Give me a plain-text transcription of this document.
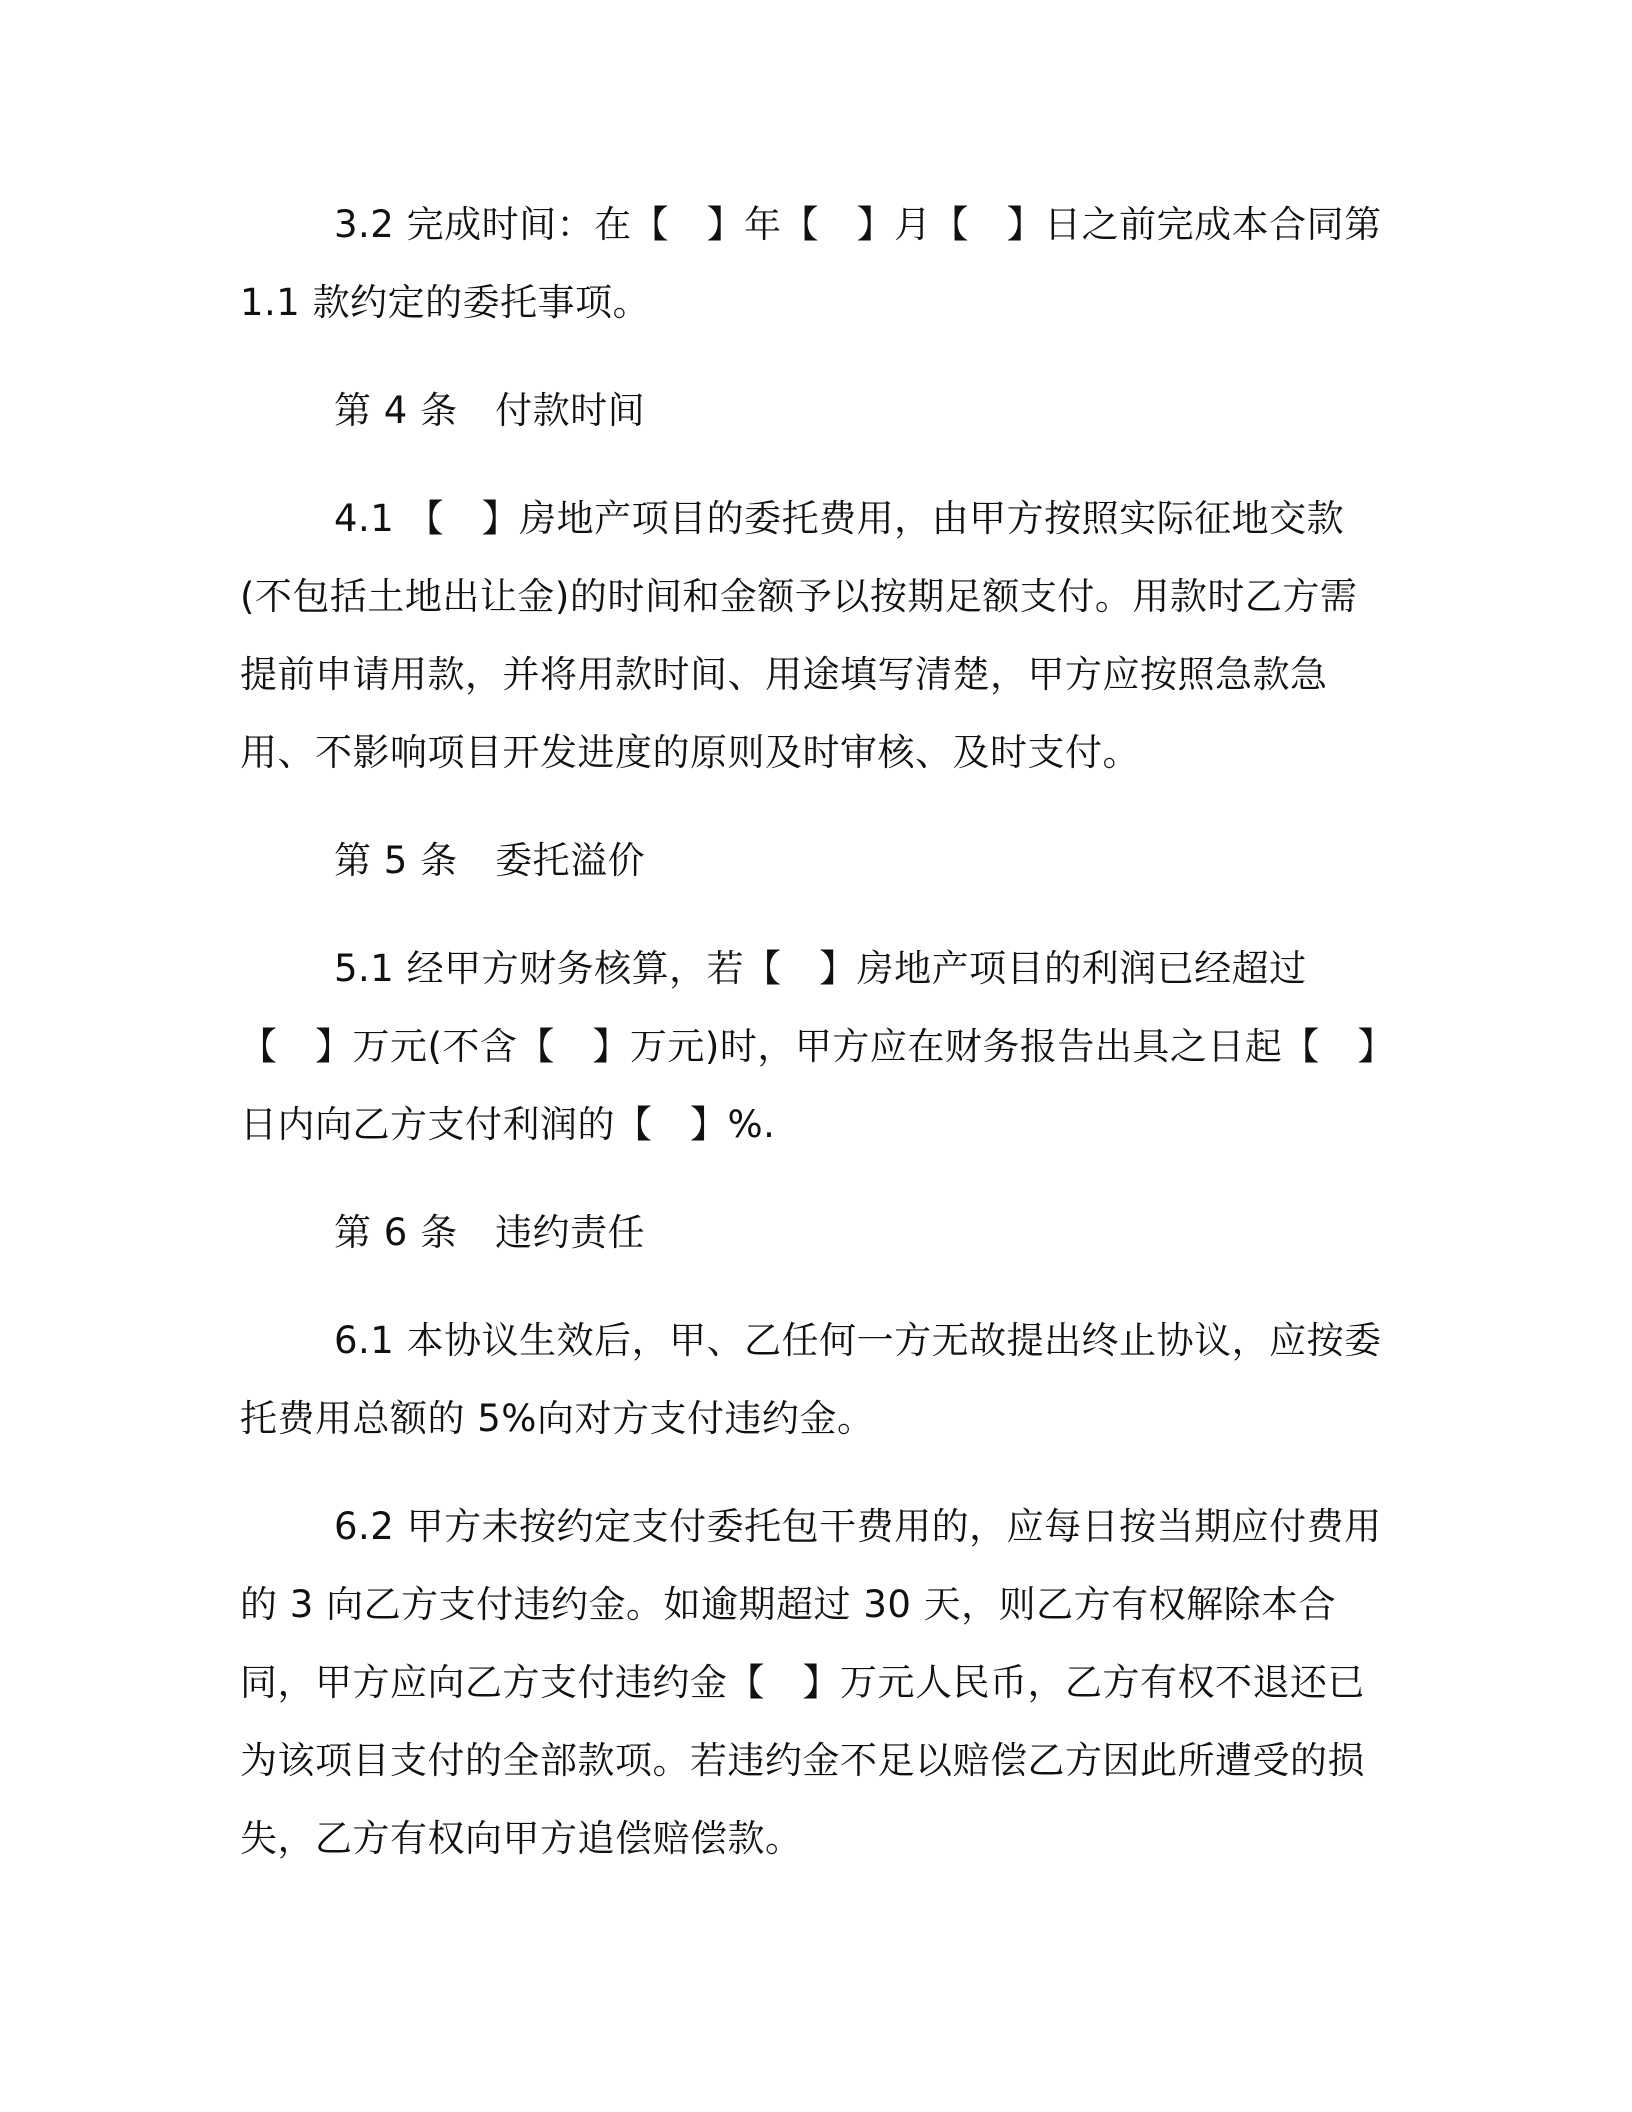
3.2 完成时间：在【　】年【　】月【　】日之前完成本合同第1.1 款约定的委托事项。

第 4 条　付款时间

4.1 【　】房地产项目的委托费用，由甲方按照实际征地交款(不包括土地出让金)的时间和金额予以按期足额支付。用款时乙方需提前申请用款，并将用款时间、用途填写清楚，甲方应按照急款急用、不影响项目开发进度的原则及时审核、及时支付。

第 5 条　委托溢价

5.1 经甲方财务核算，若【　】房地产项目的利润已经超过【　】万元(不含【　】万元)时，甲方应在财务报告出具之日起【　】日内向乙方支付利润的【　】%.

第 6 条　违约责任

6.1 本协议生效后，甲、乙任何一方无故提出终止协议，应按委托费用总额的 5%向对方支付违约金。

6.2 甲方未按约定支付委托包干费用的，应每日按当期应付费用的 3 向乙方支付违约金。如逾期超过 30 天，则乙方有权解除本合同，甲方应向乙方支付违约金【　】万元人民币，乙方有权不退还已为该项目支付的全部款项。若违约金不足以赔偿乙方因此所遭受的损失，乙方有权向甲方追偿赔偿款。
